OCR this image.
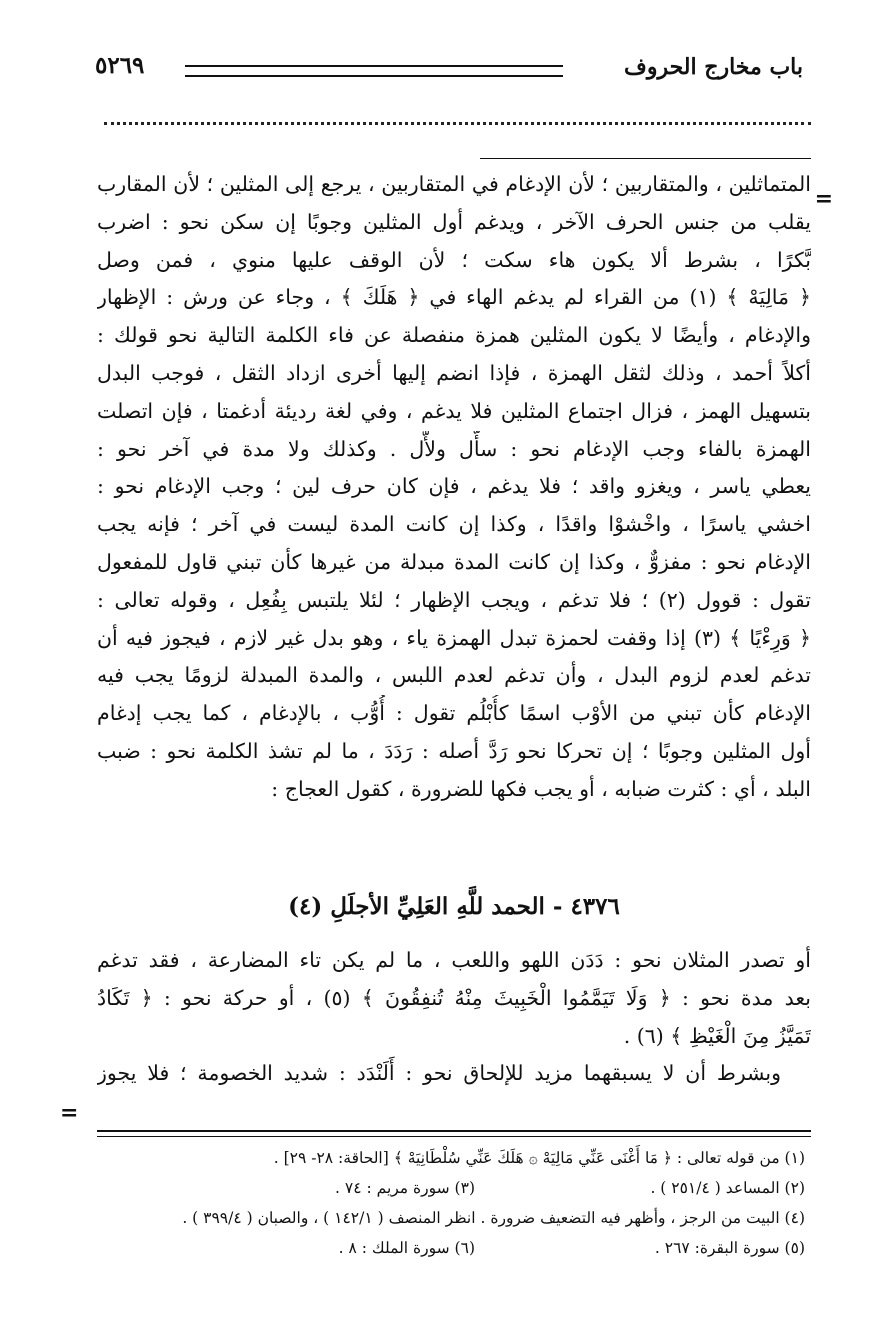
باب مخارج الحروف
٥٢٦٩
=
المتماثلين ، والمتقاربين ؛ لأن الإدغام في المتقاربين ، يرجع إلى المثلين ؛ لأن المقارب
يقلب من جنس الحرف الآخر ، ويدغم أول المثلين وجوبًا إن سكن نحو : اضرب
بَّكرًا ، بشرط ألا يكون هاء سكت ؛ لأن الوقف عليها منوي ، فمن وصل
﴿ مَالِيَهْ ﴾ (١) من القراء لم يدغم الهاء في ﴿ هَلَكَ ﴾ ، وجاء عن ورش : الإظهار
والإدغام ، وأيضًا لا يكون المثلين همزة منفصلة عن فاء الكلمة التالية نحو قولك :
أكلاً أحمد ، وذلك لثقل الهمزة ، فإذا انضم إليها أخرى ازداد الثقل ، فوجب البدل
بتسهيل الهمز ، فزال اجتماع المثلين فلا يدغم ، وفي لغة رديئة أدغمتا ، فإن اتصلت
الهمزة بالفاء وجب الإدغام نحو : سأَّل ولأَّل . وكذلك ولا مدة في آخر نحو :
يعطي ياسر ، ويغزو واقد ؛ فلا يدغم ، فإن كان حرف لين ؛ وجب الإدغام نحو :
اخشي ياسرًا ، واخْشوْا واقدًا ، وكذا إن كانت المدة ليست في آخر ؛ فإنه يجب
الإدغام نحو : مفزوٌّ ، وكذا إن كانت المدة مبدلة من غيرها كأن تبني قاول للمفعول
تقول : قوول (٢) ؛ فلا تدغم ، ويجب الإظهار ؛ لئلا يلتبس بِفُعِل ، وقوله تعالى :
﴿ وَرِءْيًا ﴾ (٣) إذا وقفت لحمزة تبدل الهمزة ياء ، وهو بدل غير لازم ، فيجوز فيه أن
تدغم لعدم لزوم البدل ، وأن تدغم لعدم اللبس ، والمدة المبدلة لزومًا يجب فيه
الإدغام كأن تبني من الأوْب اسمًا كأُبْلُم تقول : أُوُّب ، بالإدغام ، كما يجب إدغام
أول المثلين وجوبًا ؛ إن تحركا نحو رَدَّ أصله : رَدَدَ ، ما لم تشذ الكلمة نحو : ضبب
البلد ، أي : كثرت ضبابه ، أو يجب فكها للضرورة ، كقول العجاج :
٤٣٧٦ - الحمد للَّهِ العَلِيِّ الأجلَلِ (٤)
أو تصدر المثلان نحو : دَدَن اللهو واللعب ، ما لم يكن تاء المضارعة ، فقد تدغم
بعد مدة نحو : ﴿ وَلَا تَيَمَّمُوا الْخَبِيثَ مِنْهُ تُنفِقُونَ ﴾ (٥) ، أو حركة نحو : ﴿ تَكَادُ
تَمَيَّزُ مِنَ الْغَيْظِ ﴾ (٦) .
وبشرط أن لا يسبقهما مزيد للإلحاق نحو : أَلَنْدَد : شديد الخصومة ؛ فلا يجوز
=
(١) من قوله تعالى : ﴿ مَا أَغْنَى عَنِّي مَالِيَهْ ۞ هَلَكَ عَنِّي سُلْطَانِيَهْ ﴾ [الحاقة: ٢٨- ٢٩] .
(٢) المساعد ( ٢٥١/٤ ) .
(٣) سورة مريم : ٧٤ .
(٤) البيت من الرجز ، وأظهر فيه التضعيف ضرورة . انظر المنصف ( ١٤٢/١ ) ، والصبان ( ٣٩٩/٤ ) .
(٥) سورة البقرة: ٢٦٧ .
(٦) سورة الملك : ٨ .
